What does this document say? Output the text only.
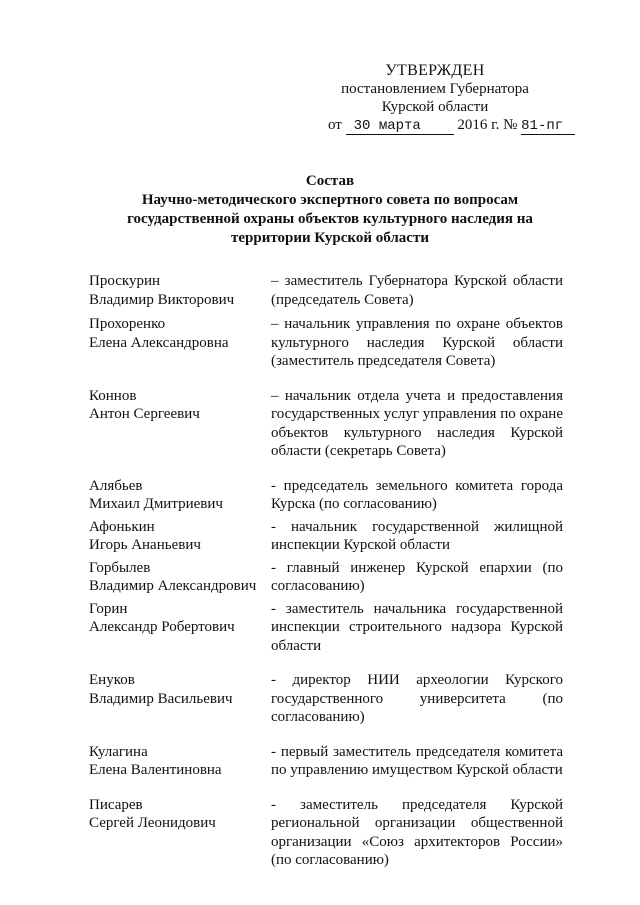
УТВЕРЖДЕН
постановлением Губернатора
Курской области
от 30 марта 2016 г. № 81-пг
Состав
Научно-методического экспертного совета по вопросам
государственной охраны объектов культурного наследия на
территории Курской области
Проскурин
Владимир Викторович
– заместитель Губернатора Курской области (председатель Совета)
Прохоренко
Елена Александровна
– начальник управления по охране объектов культурного наследия Курской области (заместитель председателя Совета)
Коннов
Антон Сергеевич
– начальник отдела учета и предоставления государственных услуг управления по охране объектов культурного наследия Курской области (секретарь Совета)
Алябьев
Михаил Дмитриевич
- председатель земельного комитета города Курска (по согласованию)
Афонькин
Игорь Ананьевич
- начальник государственной жилищной инспекции Курской области
Горбылев
Владимир Александрович
- главный инженер Курской епархии (по согласованию)
Горин
Александр Робертович
- заместитель начальника государственной инспекции строительного надзора Курской области
Енуков
Владимир Васильевич
- директор НИИ археологии Курского государственного университета (по согласованию)
Кулагина
Елена Валентиновна
- первый заместитель председателя комитета по управлению имуществом Курской области
Писарев
Сергей Леонидович
- заместитель председателя Курской региональной организации общественной организации «Союз архитекторов России» (по согласованию)
